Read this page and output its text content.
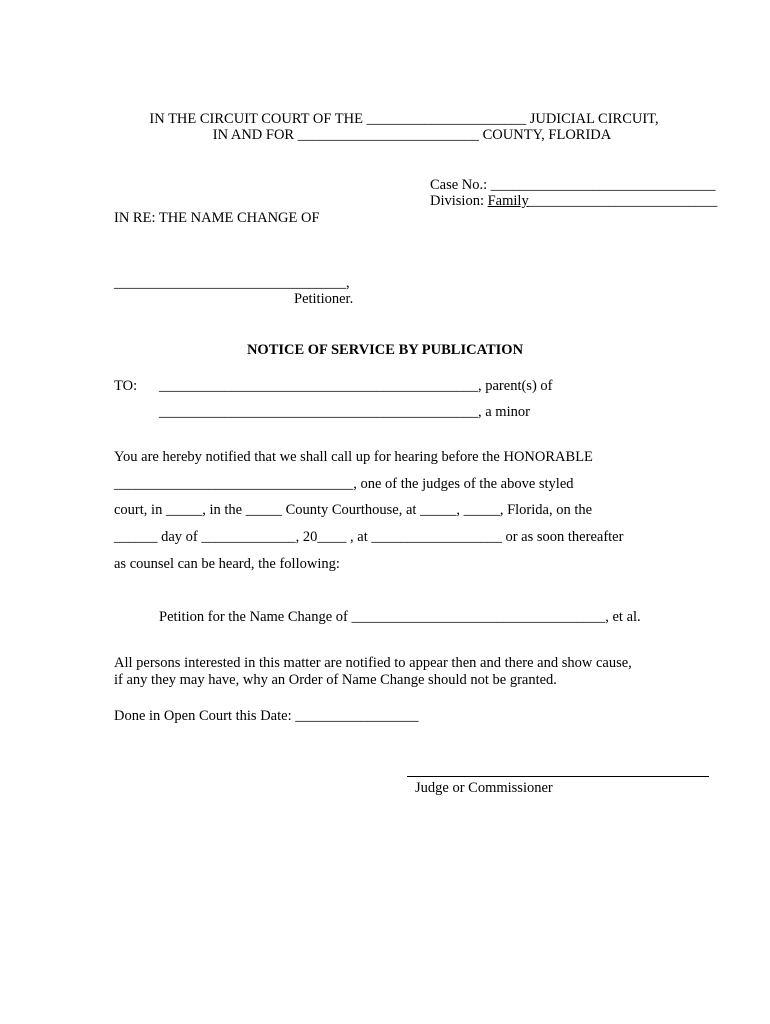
IN THE CIRCUIT COURT OF THE ______________________ JUDICIAL CIRCUIT,
IN AND FOR _________________________ COUNTY, FLORIDA
Case No.: _______________________________
Division: Family__________________________
IN RE: THE NAME CHANGE OF
________________________________,
Petitioner.
NOTICE OF SERVICE BY PUBLICATION
TO: ____________________________________________, parent(s) of
____________________________________________, a minor
You are hereby notified that we shall call up for hearing before the HONORABLE
_________________________________, one of the judges of the above styled
court, in _____, in the _____ County Courthouse, at _____, _____, Florida, on the
______ day of _____________, 20____ , at __________________ or as soon thereafter
as counsel can be heard, the following:
Petition for the Name Change of ___________________________________, et al.
All persons interested in this matter are notified to appear then and there and show cause,
if any they may have, why an Order of Name Change should not be granted.
Done in Open Court this Date: _________________
Judge or Commissioner
